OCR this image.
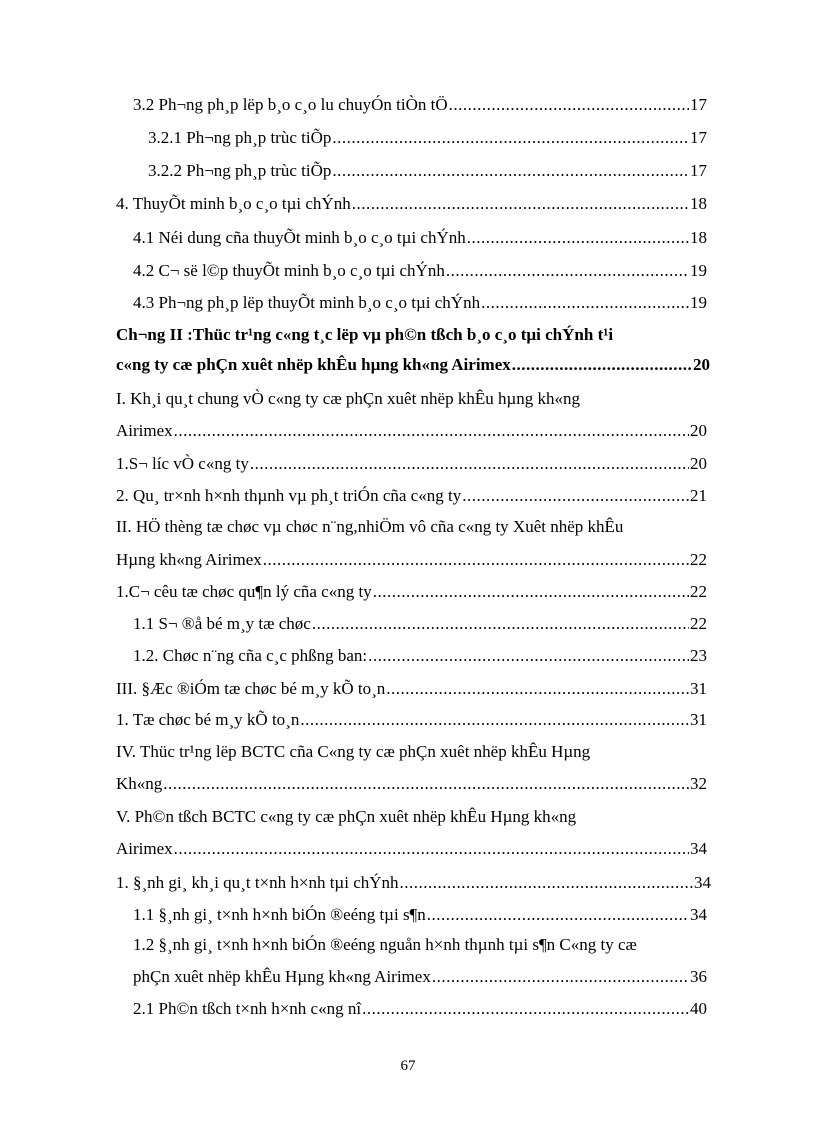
3.2 Ph¬ng ph¸p lëp b¸o c¸o lu chuyÓn tiÒn tÖ .....	17
3.2.1 Ph¬ng ph¸p trùc tiÕp .....	17
3.2.2 Ph¬ng ph¸p trùc tiÕp .....	17
4. ThuyÕt minh b¸o c¸o tµi chÝnh .....	18
4.1 Néi dung cña thuyÕt minh b¸o c¸o tµi chÝnh .....	18
4.2 C¬ së l©p thuyÕt minh b¸o c¸o tµi chÝnh .....	19
4.3 Ph¬ng ph¸p lëp thuyÕt minh b¸o c¸o tµi chÝnh .....	19
Ch¬ng II :Thüc tr¹ng c«ng t¸c lëp vµ ph©n tßch b¸o c¸o tµi chÝnh t¹i
c«ng ty cæ phÇn xuêt nhëp khÊu hµng kh«ng Airimex .....	20
I. Kh¸i qu¸t chung vÒ c«ng ty cæ phÇn xuêt nhëp khÊu hµng kh«ng
Airimex .....	20
1.S¬ líc vÒ c«ng ty .....	20
2. Qu¸ tr×nh h×nh thµnh vµ ph¸t triÓn cña c«ng ty .....	21
II. HÖ thèng tæ chøc vµ chøc n¨ng,nhiÖm vô cña c«ng ty Xuêt nhëp khÊu
Hµng kh«ng Airimex .....	22
1.C¬ cêu tæ chøc qu¶n lý cña c«ng ty .....	22
1.1 S¬ ®å bé m¸y tæ chøc .....	22
1.2. Chøc n¨ng cña c¸c phßng ban: .....	23
III. §Æc ®iÓm tæ chøc bé m¸y kÕ to¸n .....	31
1. Tæ chøc bé m¸y kÕ to¸n .....	31
IV. Thüc tr¹ng lëp BCTC cña C«ng ty cæ phÇn xuêt nhëp khÊu Hµng
Kh«ng .....	32
V. Ph©n tßch BCTC c«ng ty cæ phÇn xuêt nhëp khÊu Hµng kh«ng
Airimex .....	34
1. §¸nh gi¸ kh¸i qu¸t t×nh h×nh tµi chÝnh .....	34
1.1 §¸nh gi¸ t×nh h×nh biÓn ®eéng tµi s¶n .....	34
1.2 §¸nh gi¸ t×nh h×nh biÓn ®eéng nguån h×nh thµnh tµi s¶n C«ng ty cæ
phÇn xuêt nhëp khÊu Hµng kh«ng Airimex .....	36
2.1 Ph©n tßch t×nh h×nh c«ng nî .....	40
67
